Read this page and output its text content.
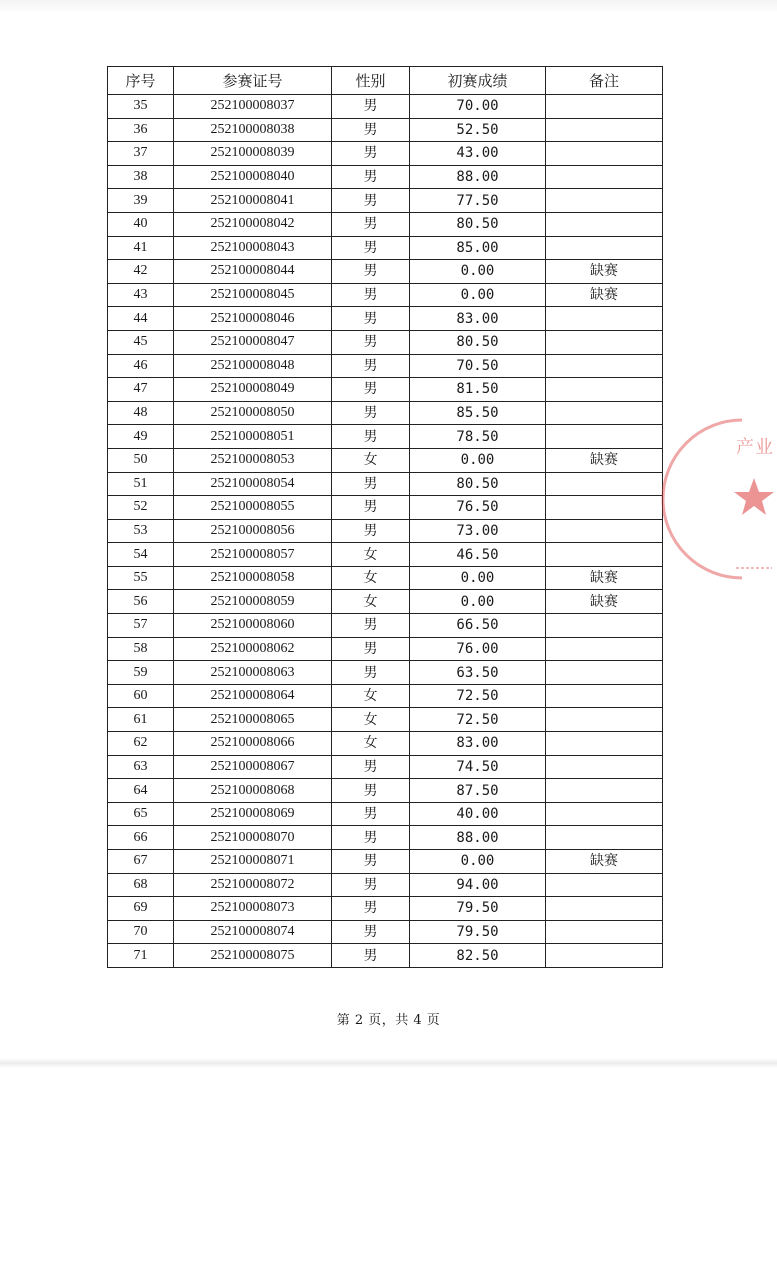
序号	参赛证号	性别	初赛成绩	备注
35	252100008037	男	70.00	
36	252100008038	男	52.50	
37	252100008039	男	43.00	
38	252100008040	男	88.00	
39	252100008041	男	77.50	
40	252100008042	男	80.50	
41	252100008043	男	85.00	
42	252100008044	男	0.00	缺赛
43	252100008045	男	0.00	缺赛
44	252100008046	男	83.00	
45	252100008047	男	80.50	
46	252100008048	男	70.50	
47	252100008049	男	81.50	
48	252100008050	男	85.50	
49	252100008051	男	78.50	
50	252100008053	女	0.00	缺赛
51	252100008054	男	80.50	
52	252100008055	男	76.50	
53	252100008056	男	73.00	
54	252100008057	女	46.50	
55	252100008058	女	0.00	缺赛
56	252100008059	女	0.00	缺赛
57	252100008060	男	66.50	
58	252100008062	男	76.00	
59	252100008063	男	63.50	
60	252100008064	女	72.50	
61	252100008065	女	72.50	
62	252100008066	女	83.00	
63	252100008067	男	74.50	
64	252100008068	男	87.50	
65	252100008069	男	40.00	
66	252100008070	男	88.00	
67	252100008071	男	0.00	缺赛
68	252100008072	男	94.00	
69	252100008073	男	79.50	
70	252100008074	男	79.50	
71	252100008075	男	82.50	
产业
第 2 页，共 4 页
